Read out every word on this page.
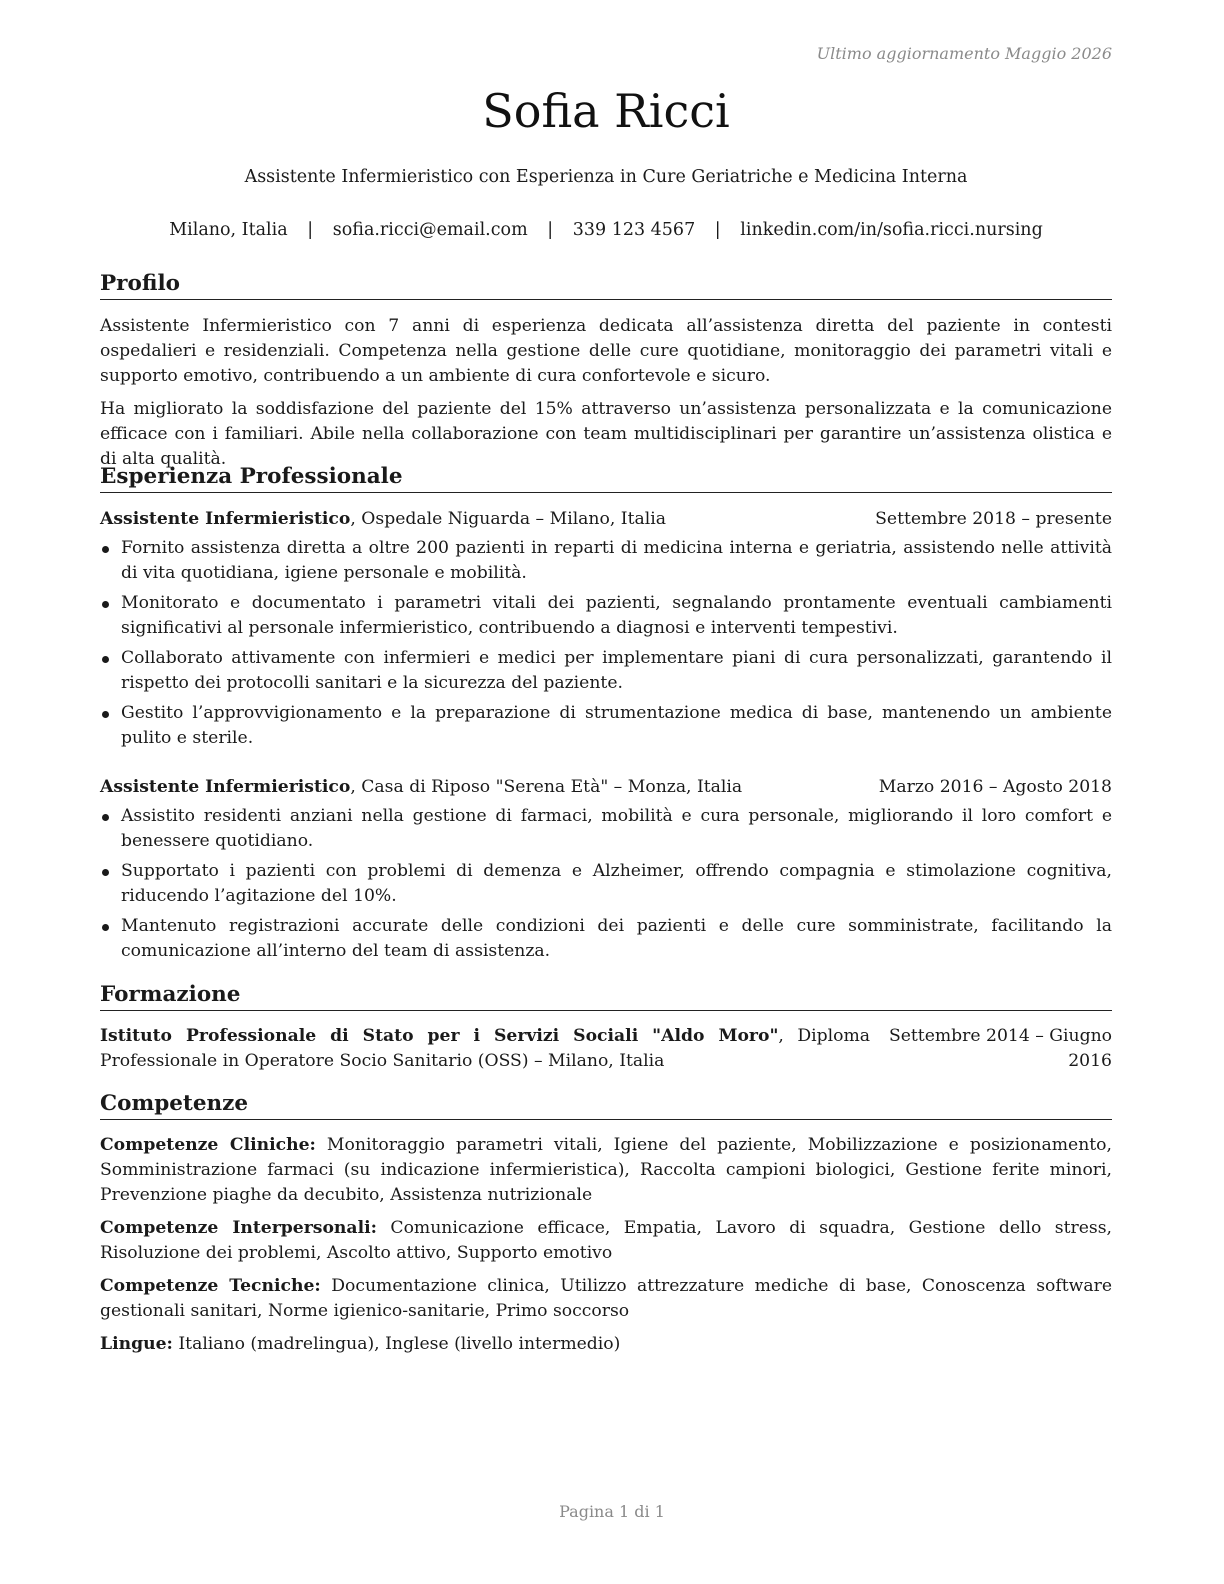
Ultimo aggiornamento Maggio 2026
Sofia Ricci
Assistente Infermieristico con Esperienza in Cure Geriatriche e Medicina Interna
Milano, Italia | sofia.ricci@email.com | 339 123 4567 | linkedin.com/in/sofia.ricci.nursing
Profilo

Assistente Infermieristico con 7 anni di esperienza dedicata all’assistenza diretta del paziente in contesti ospedalieri e residenziali. Competenza nella gestione delle cure quotidiane, monitoraggio dei parametri vitali e supporto emotivo, contribuendo a un ambiente di cura confortevole e sicuro.

Ha migliorato la soddisfazione del paziente del 15% attraverso un’assistenza personalizzata e la comunicazione efficace con i familiari. Abile nella collaborazione con team multidisciplinari per garantire un’assistenza olistica e di alta qualità.

Esperienza Professionale
Assistente Infermieristico, Ospedale Niguarda – Milano, Italia	Settembre 2018 – presente
Fornito assistenza diretta a oltre 200 pazienti in reparti di medicina interna e geriatria, assistendo nelle attività di vita quotidiana, igiene personale e mobilità.
Monitorato e documentato i parametri vitali dei pazienti, segnalando prontamente eventuali cambiamenti significativi al personale infermieristico, contribuendo a diagnosi e interventi tempestivi.
Collaborato attivamente con infermieri e medici per implementare piani di cura personalizzati, garantendo il rispetto dei protocolli sanitari e la sicurezza del paziente.
Gestito l’approvvigionamento e la preparazione di strumentazione medica di base, mantenendo un ambiente pulito e sterile.
Assistente Infermieristico, Casa di Riposo "Serena Età" – Monza, Italia	Marzo 2016 – Agosto 2018
Assistito residenti anziani nella gestione di farmaci, mobilità e cura personale, migliorando il loro comfort e benessere quotidiano.
Supportato i pazienti con problemi di demenza e Alzheimer, offrendo compagnia e stimolazione cognitiva, riducendo l’agitazione del 10%.
Mantenuto registrazioni accurate delle condizioni dei pazienti e delle cure somministrate, facilitando la comunicazione all’interno del team di assistenza.
Formazione
Istituto Professionale di Stato per i Servizi Sociali "Aldo Moro", Diploma Professionale in Operatore Socio Sanitario (OSS) – Milano, Italia
Settembre 2014 – Giugno 2016
Competenze

Competenze Cliniche: Monitoraggio parametri vitali, Igiene del paziente, Mobilizzazione e posizionamento, Somministrazione farmaci (su indicazione infermieristica), Raccolta campioni biologici, Gestione ferite minori, Prevenzione piaghe da decubito, Assistenza nutrizionale

Competenze Interpersonali: Comunicazione efficace, Empatia, Lavoro di squadra, Gestione dello stress, Risoluzione dei problemi, Ascolto attivo, Supporto emotivo

Competenze Tecniche: Documentazione clinica, Utilizzo attrezzature mediche di base, Conoscenza software gestionali sanitari, Norme igienico-sanitarie, Primo soccorso

Lingue: Italiano (madrelingua), Inglese (livello intermedio)

Pagina 1 di 1
